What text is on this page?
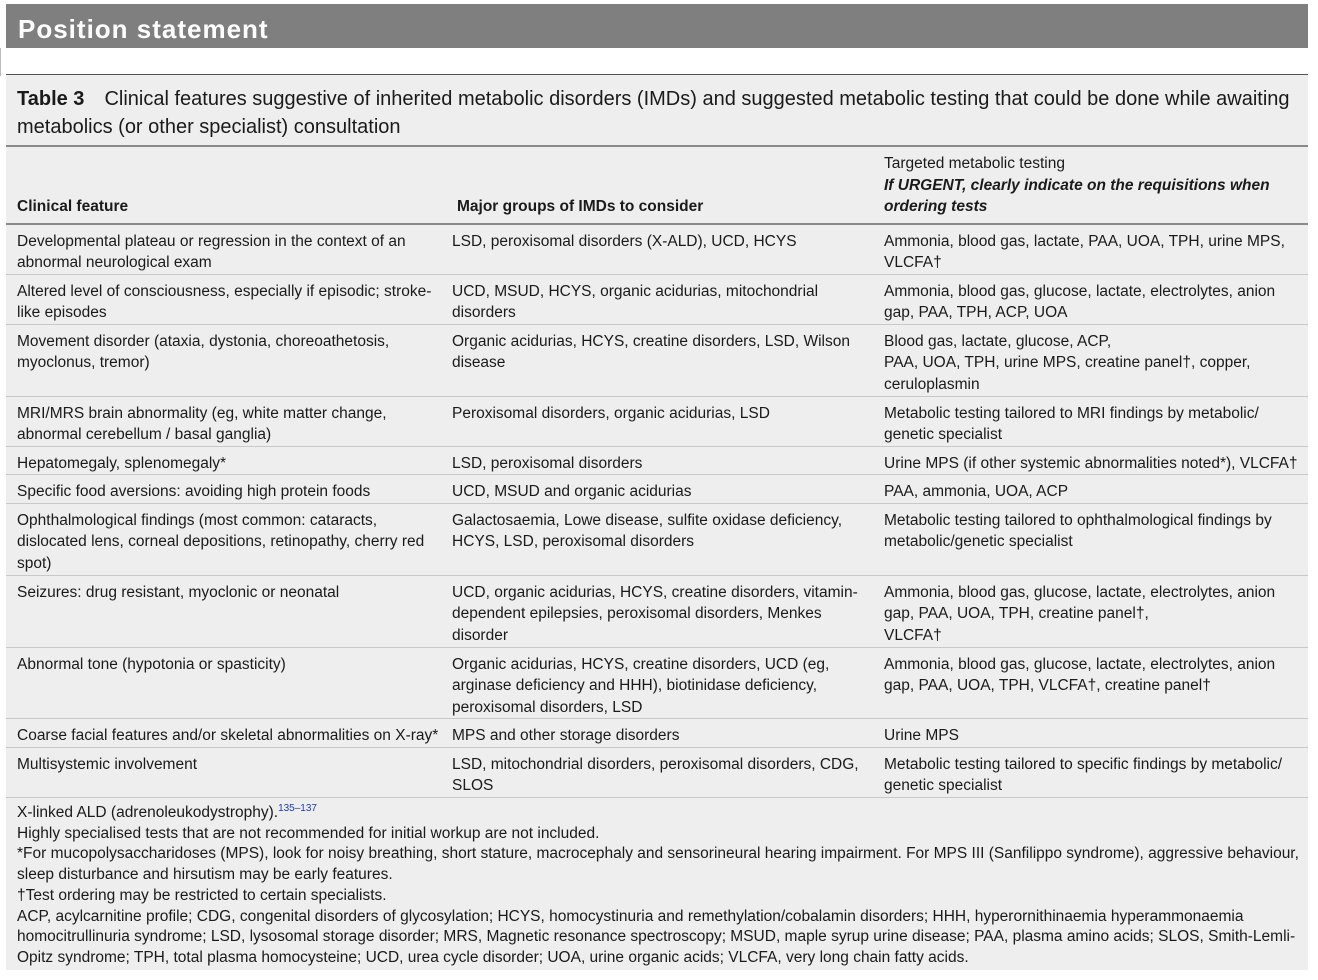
Position statement
Table 3 Clinical features suggestive of inherited metabolic disorders (IMDs) and suggested metabolic testing that could be done while awaiting metabolics (or other specialist) consultation
Clinical feature	Major groups of IMDs to consider	Targeted metabolic testing
If URGENT, clearly indicate on the requisitions when ordering tests

Developmental plateau or regression in the context of an abnormal neurological exam	LSD, peroxisomal disorders (X-ALD), UCD, HCYS	Ammonia, blood gas, lactate, PAA, UOA, TPH, urine MPS, VLCFA†
Altered level of consciousness, especially if episodic; stroke-like episodes	UCD, MSUD, HCYS, organic acidurias, mitochondrial disorders	Ammonia, blood gas, glucose, lactate, electrolytes, anion gap, PAA, TPH, ACP, UOA
Movement disorder (ataxia, dystonia, choreoathetosis, myoclonus, tremor)	Organic acidurias, HCYS, creatine disorders, LSD, Wilson disease	Blood gas, lactate, glucose, ACP,
PAA, UOA, TPH, urine MPS, creatine panel†, copper, ceruloplasmin
MRI/MRS brain abnormality (eg, white matter change, abnormal cerebellum / basal ganglia)	Peroxisomal disorders, organic acidurias, LSD	Metabolic testing tailored to MRI findings by metabolic/ genetic specialist
Hepatomegaly, splenomegaly*	LSD, peroxisomal disorders	Urine MPS (if other systemic abnormalities noted*), VLCFA†
Specific food aversions: avoiding high protein foods	UCD, MSUD and organic acidurias	PAA, ammonia, UOA, ACP
Ophthalmological findings (most common: cataracts, dislocated lens, corneal depositions, retinopathy, cherry red spot)	Galactosaemia, Lowe disease, sulfite oxidase deficiency, HCYS, LSD, peroxisomal disorders	Metabolic testing tailored to ophthalmological findings by metabolic/genetic specialist
Seizures: drug resistant, myoclonic or neonatal	UCD, organic acidurias, HCYS, creatine disorders, vitamin-dependent epilepsies, peroxisomal disorders, Menkes disorder	Ammonia, blood gas, glucose, lactate, electrolytes, anion gap, PAA, UOA, TPH, creatine panel†,
VLCFA†
Abnormal tone (hypotonia or spasticity)	Organic acidurias, HCYS, creatine disorders, UCD (eg, arginase deficiency and HHH), biotinidase deficiency, peroxisomal disorders, LSD	Ammonia, blood gas, glucose, lactate, electrolytes, anion gap, PAA, UOA, TPH, VLCFA†, creatine panel†
Coarse facial features and/or skeletal abnormalities on X-ray*	MPS and other storage disorders	Urine MPS
Multisystemic involvement	LSD, mitochondrial disorders, peroxisomal disorders, CDG, SLOS	Metabolic testing tailored to specific findings by metabolic/ genetic specialist
X-linked ALD (adrenoleukodystrophy).$^{135-137}$
Highly specialised tests that are not recommended for initial workup are not included.
*For mucopolysaccharidoses (MPS), look for noisy breathing, short stature, macrocephaly and sensorineural hearing impairment. For MPS III (Sanfilippo syndrome), aggressive behaviour, sleep disturbance and hirsutism may be early features.
†Test ordering may be restricted to certain specialists.
ACP, acylcarnitine profile; CDG, congenital disorders of glycosylation; HCYS, homocystinuria and remethylation/cobalamin disorders; HHH, hyperornithinaemia hyperammonaemia homocitrullinuria syndrome; LSD, lysosomal storage disorder; MRS, Magnetic resonance spectroscopy; MSUD, maple syrup urine disease; PAA, plasma amino acids; SLOS, Smith-Lemli-Opitz syndrome; TPH, total plasma homocysteine; UCD, urea cycle disorder; UOA, urine organic acids; VLCFA, very long chain fatty acids.
